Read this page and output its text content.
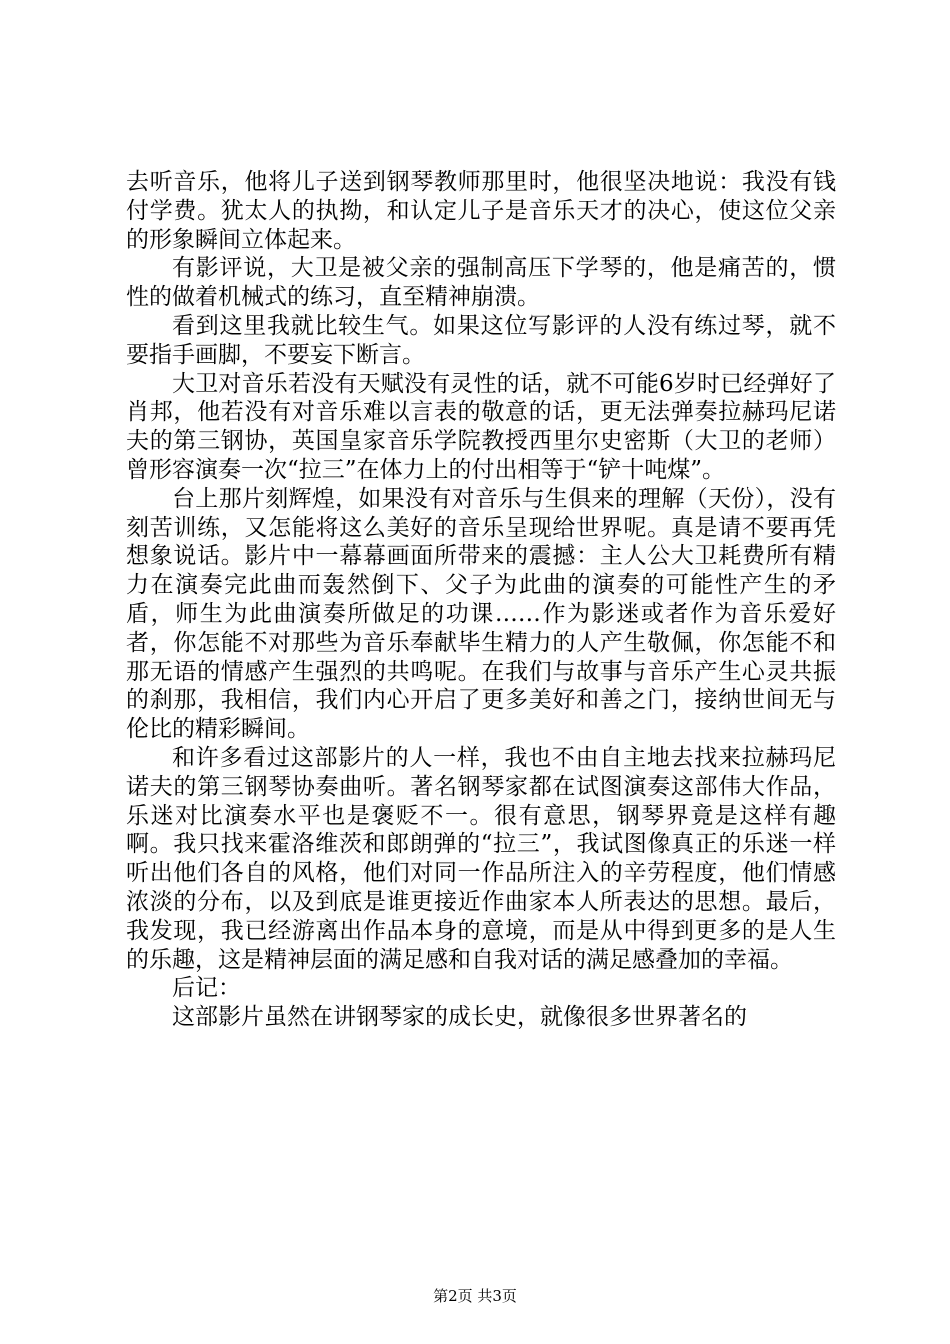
去听音乐，他将儿子送到钢琴教师那里时，他很坚决地说：我没有钱付学费。犹太人的执拗，和认定儿子是音乐天才的决心，使这位父亲的形象瞬间立体起来。

有影评说，大卫是被父亲的强制高压下学琴的，他是痛苦的，惯性的做着机械式的练习，直至精神崩溃。

看到这里我就比较生气。如果这位写影评的人没有练过琴，就不要指手画脚，不要妄下断言。

大卫对音乐若没有天赋没有灵性的话，就不可能6岁时已经弹好了肖邦，他若没有对音乐难以言表的敬意的话，更无法弹奏拉赫玛尼诺夫的第三钢协，英国皇家音乐学院教授西里尔史密斯（大卫的老师）曾形容演奏一次“拉三”在体力上的付出相等于“铲十吨煤”。

台上那片刻辉煌，如果没有对音乐与生俱来的理解（天份），没有刻苦训练，又怎能将这么美好的音乐呈现给世界呢。真是请不要再凭想象说话。影片中一幕幕画面所带来的震撼：主人公大卫耗费所有精力在演奏完此曲而轰然倒下、父子为此曲的演奏的可能性产生的矛盾，师生为此曲演奏所做足的功课……作为影迷或者作为音乐爱好者，你怎能不对那些为音乐奉献毕生精力的人产生敬佩，你怎能不和那无语的情感产生强烈的共鸣呢。在我们与故事与音乐产生心灵共振的刹那，我相信，我们内心开启了更多美好和善之门，接纳世间无与伦比的精彩瞬间。

和许多看过这部影片的人一样，我也不由自主地去找来拉赫玛尼诺夫的第三钢琴协奏曲听。著名钢琴家都在试图演奏这部伟大作品，乐迷对比演奏水平也是褒贬不一。很有意思，钢琴界竟是这样有趣啊。我只找来霍洛维茨和郎朗弹的“拉三”，我试图像真正的乐迷一样听出他们各自的风格，他们对同一作品所注入的辛劳程度，他们情感浓淡的分布，以及到底是谁更接近作曲家本人所表达的思想。最后，我发现，我已经游离出作品本身的意境，而是从中得到更多的是人生的乐趣，这是精神层面的满足感和自我对话的满足感叠加的幸福。

后记：

这部影片虽然在讲钢琴家的成长史，就像很多世界著名的

第2页 共3页
